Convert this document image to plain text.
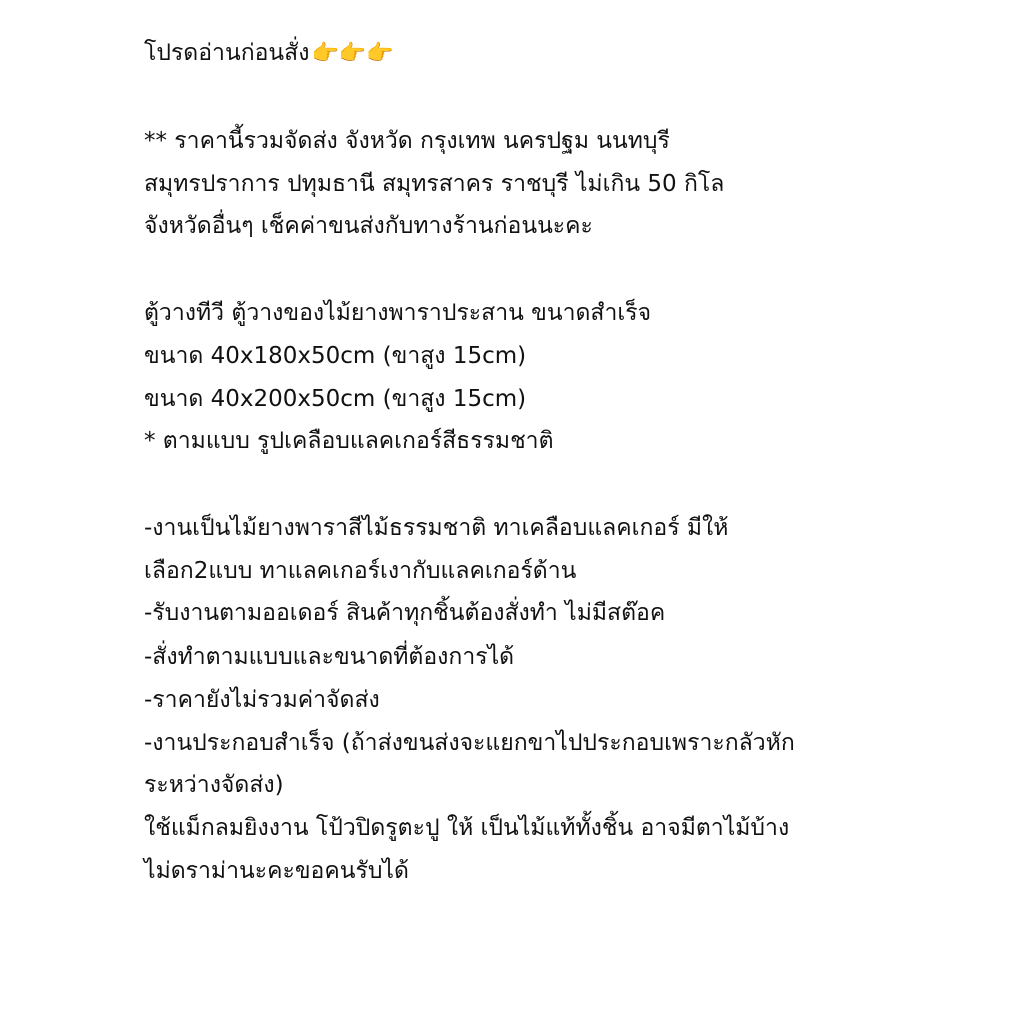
โปรดอ่านก่อนสั่ง👉👉👉
** ราคานี้รวมจัดส่ง จังหวัด กรุงเทพ นครปฐม นนทบุรี
สมุทรปราการ ปทุมธานี สมุทรสาคร ราชบุรี ไม่เกิน 50 กิโล
จังหวัดอื่นๆ เช็คค่าขนส่งกับทางร้านก่อนนะคะ
ตู้วางทีวี ตู้วางของไม้ยางพาราประสาน ขนาดสำเร็จ
ขนาด 40x180x50cm (ขาสูง 15cm)
ขนาด 40x200x50cm (ขาสูง 15cm)
* ตามแบบ รูปเคลือบแลคเกอร์สีธรรมชาติ
-งานเป็นไม้ยางพาราสีไม้ธรรมชาติ ทาเคลือบแลคเกอร์ มีให้
เลือก2แบบ ทาแลคเกอร์เงากับแลคเกอร์ด้าน
-รับงานตามออเดอร์ สินค้าทุกชิ้นต้องสั่งทำ ไม่มีสต๊อค
-สั่งทำตามแบบและขนาดที่ต้องการได้
-ราคายังไม่รวมค่าจัดส่ง
-งานประกอบสำเร็จ (ถ้าส่งขนส่งจะแยกขาไปประกอบเพราะกลัวหัก
ระหว่างจัดส่ง)
ใช้แม็กลมยิงงาน โป้วปิดรูตะปู ให้ เป็นไม้แท้ทั้งชิ้น อาจมีตาไม้บ้าง
ไม่ดราม่านะคะขอคนรับได้
